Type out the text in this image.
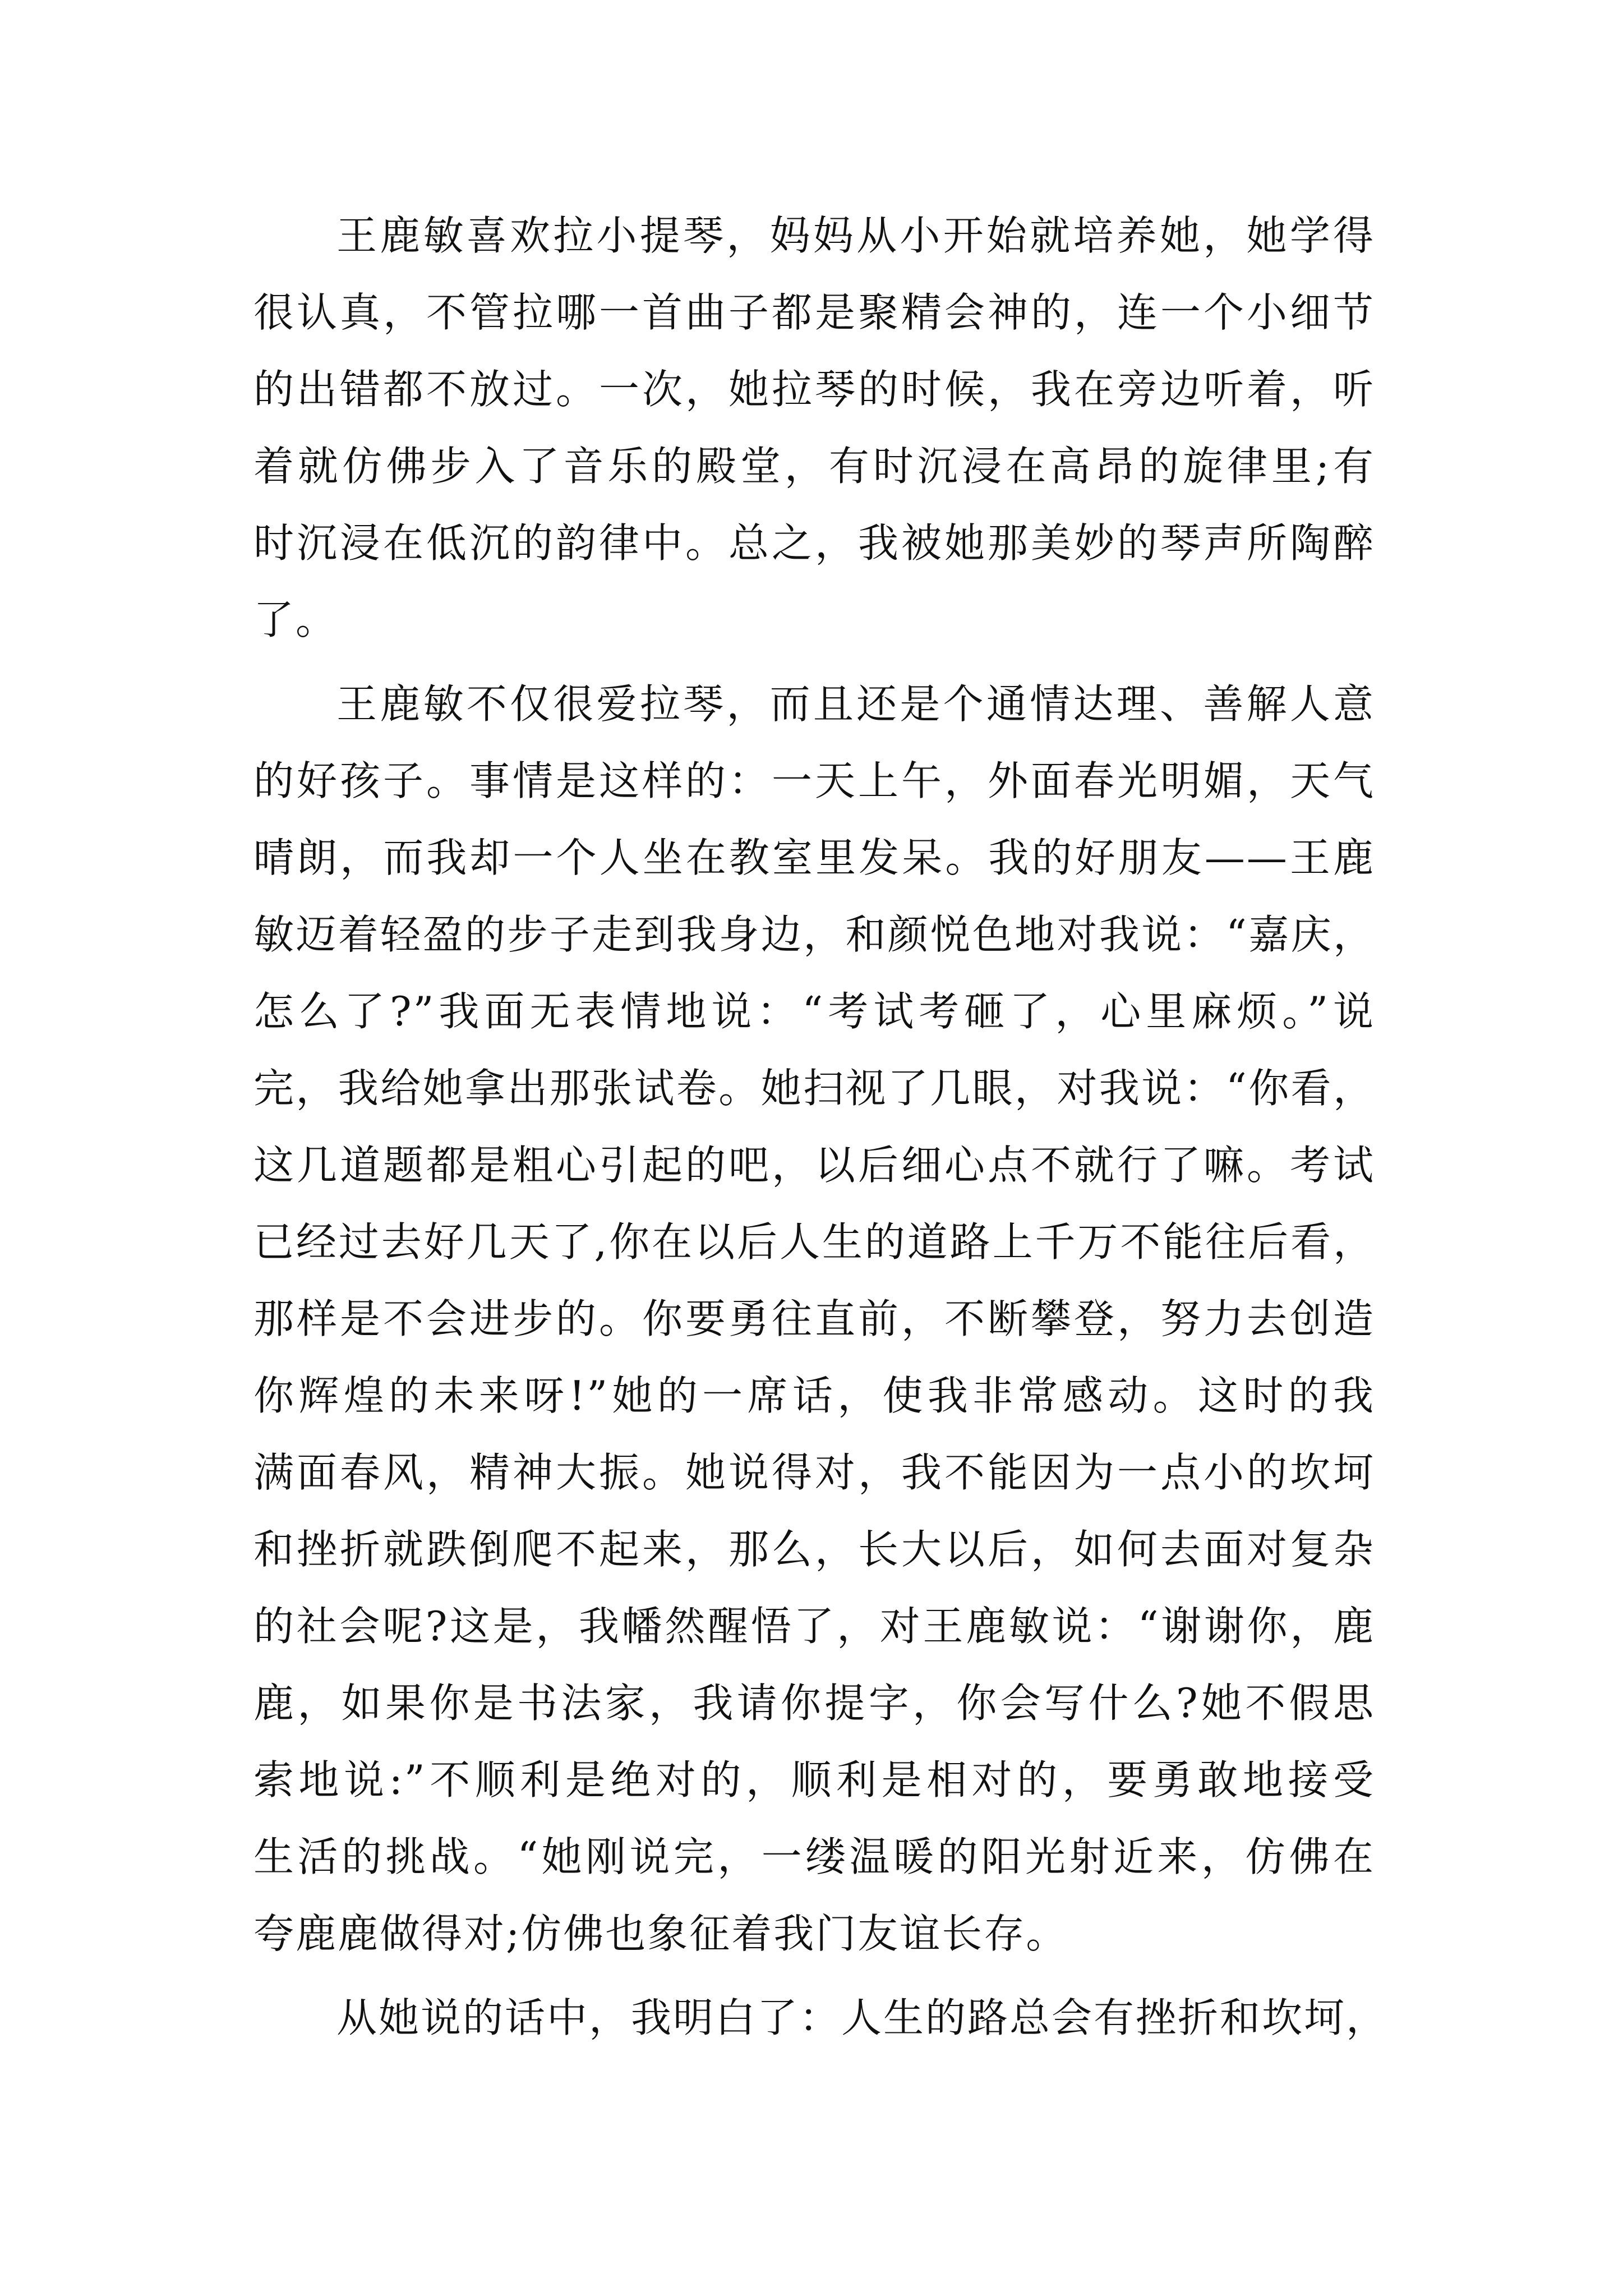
王鹿敏喜欢拉小提琴，妈妈从小开始就培养她，她学得
很认真，不管拉哪一首曲子都是聚精会神的，连一个小细节
的出错都不放过。一次，她拉琴的时候，我在旁边听着，听
着就仿佛步入了音乐的殿堂，有时沉浸在高昂的旋律里;有
时沉浸在低沉的韵律中。总之，我被她那美妙的琴声所陶醉
了。
王鹿敏不仅很爱拉琴，而且还是个通情达理、善解人意
的好孩子。事情是这样的：一天上午，外面春光明媚，天气
晴朗，而我却一个人坐在教室里发呆。我的好朋友——王鹿
敏迈着轻盈的步子走到我身边，和颜悦色地对我说：“嘉庆，
怎么了?”我面无表情地说：“考试考砸了，心里麻烦。”说
完，我给她拿出那张试卷。她扫视了几眼，对我说：“你看，
这几道题都是粗心引起的吧，以后细心点不就行了嘛。考试
已经过去好几天了,你在以后人生的道路上千万不能往后看，
那样是不会进步的。你要勇往直前，不断攀登，努力去创造
你辉煌的未来呀!”她的一席话，使我非常感动。这时的我
满面春风，精神大振。她说得对，我不能因为一点小的坎坷
和挫折就跌倒爬不起来，那么，长大以后，如何去面对复杂
的社会呢?这是，我幡然醒悟了，对王鹿敏说：“谢谢你，鹿
鹿，如果你是书法家，我请你提字，你会写什么?她不假思
索地说:”不顺利是绝对的，顺利是相对的，要勇敢地接受
生活的挑战。“她刚说完，一缕温暖的阳光射近来，仿佛在
夸鹿鹿做得对;仿佛也象征着我门友谊长存。
从她说的话中，我明白了：人生的路总会有挫折和坎坷，
